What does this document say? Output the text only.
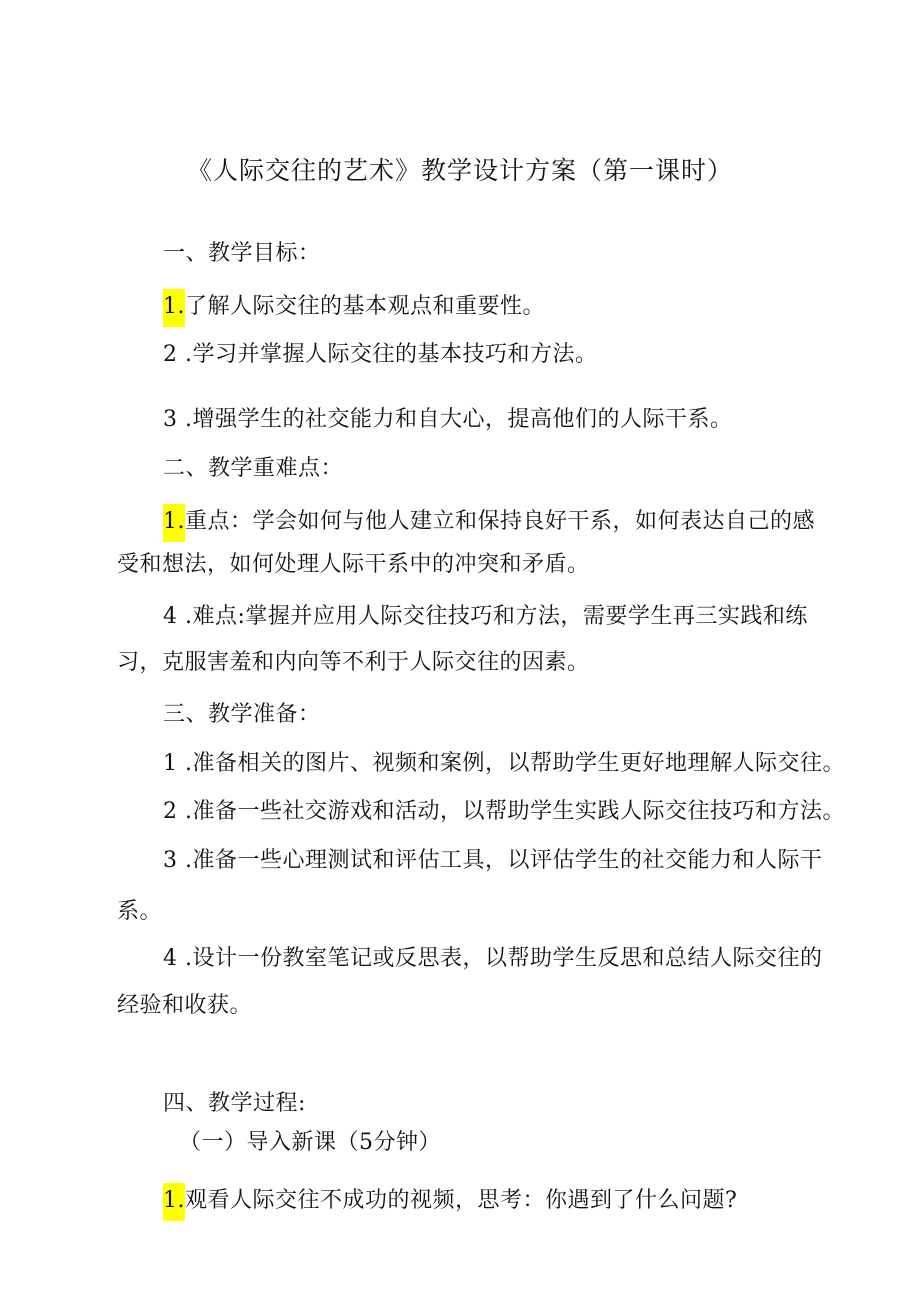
《人际交往的艺术》教学设计方案（第一课时）
一、教学目标：
1.了解人际交往的基本观点和重要性。
2 .学习并掌握人际交往的基本技巧和方法。
3 .增强学生的社交能力和自大心，提高他们的人际干系。
二、教学重难点：
1.重点：学会如何与他人建立和保持良好干系，如何表达自己的感
受和想法，如何处理人际干系中的冲突和矛盾。
4 .难点:掌握并应用人际交往技巧和方法，需要学生再三实践和练
习，克服害羞和内向等不利于人际交往的因素。
三、教学准备：
1 .准备相关的图片、视频和案例，以帮助学生更好地理解人际交往。
2 .准备一些社交游戏和活动，以帮助学生实践人际交往技巧和方法。
3 .准备一些心理测试和评估工具，以评估学生的社交能力和人际干
系。
4 .设计一份教室笔记或反思表，以帮助学生反思和总结人际交往的
经验和收获。
四、教学过程:
（一）导入新课（5分钟）
1.观看人际交往不成功的视频，思考：你遇到了什么问题?
